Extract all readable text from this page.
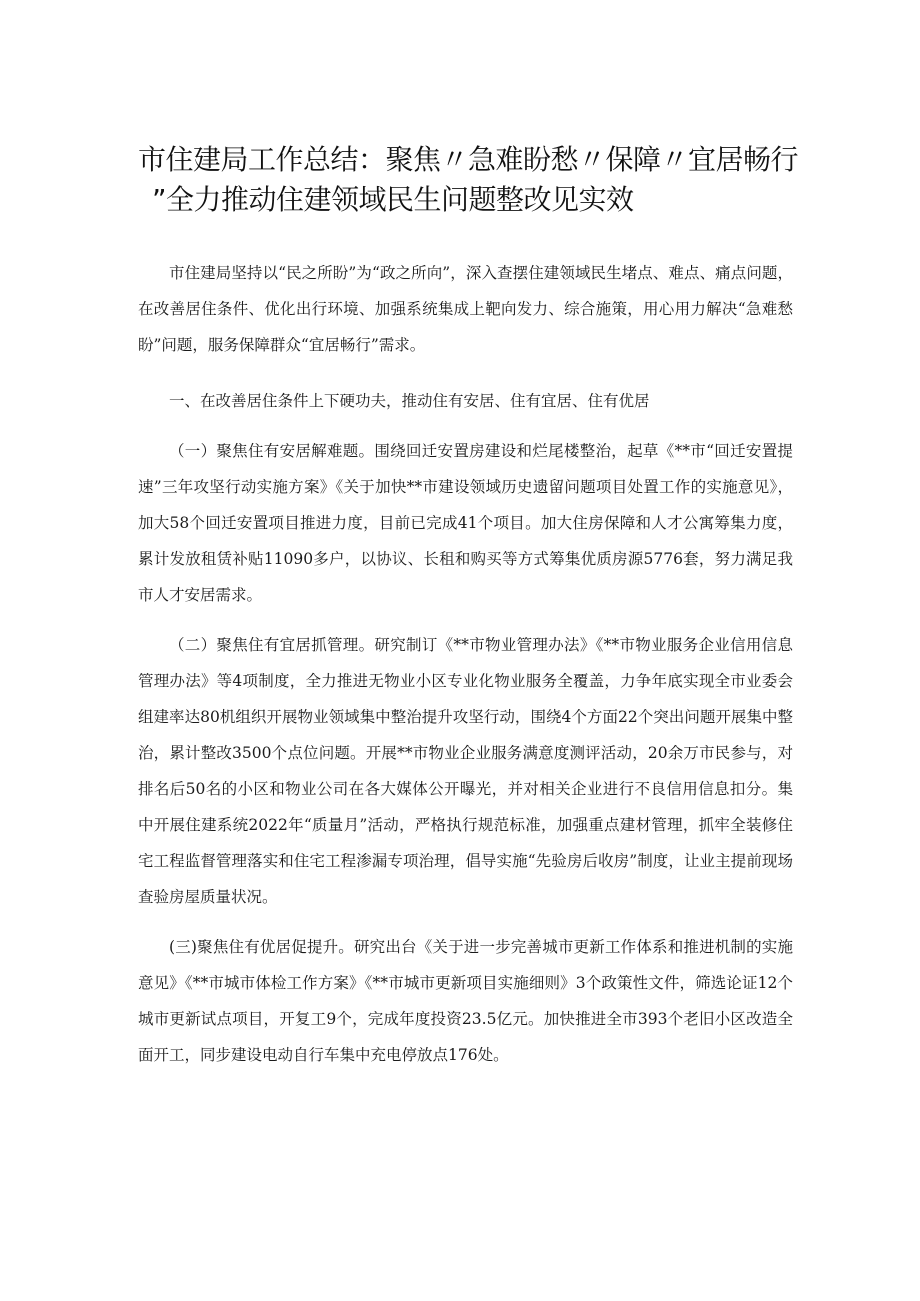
市住建局工作总结：聚焦〃急难盼愁〃保障〃宜居畅行
”全力推动住建领域民生问题整改见实效

市住建局坚持以“民之所盼”为“政之所向”，深入查摆住建领域民生堵点、难点、痛点问题，在改善居住条件、优化出行环境、加强系统集成上靶向发力、综合施策，用心用力解决“急难愁盼”问题，服务保障群众“宜居畅行”需求。

一、在改善居住条件上下硬功夫，推动住有安居、住有宜居、住有优居

（一）聚焦住有安居解难题。围绕回迁安置房建设和烂尾楼整治，起草《**市“回迁安置提速”三年攻坚行动实施方案》《关于加快**市建设领域历史遗留问题项目处置工作的实施意见》，加大58个回迁安置项目推进力度，目前已完成41个项目。加大住房保障和人才公寓筹集力度，累计发放租赁补贴11090多户，以协议、长租和购买等方式筹集优质房源5776套，努力满足我市人才安居需求。

（二）聚焦住有宜居抓管理。研究制订《**市物业管理办法》《**市物业服务企业信用信息管理办法》等4项制度，全力推进无物业小区专业化物业服务全覆盖，力争年底实现全市业委会组建率达80机组织开展物业领域集中整治提升攻坚行动，围绕4个方面22个突出问题开展集中整治，累计整改3500个点位问题。开展**市物业企业服务满意度测评活动，20余万市民参与，对排名后50名的小区和物业公司在各大媒体公开曝光，并对相关企业进行不良信用信息扣分。集中开展住建系统2022年“质量月”活动，严格执行规范标准，加强重点建材管理，抓牢全装修住宅工程监督管理落实和住宅工程渗漏专项治理，倡导实施“先验房后收房”制度，让业主提前现场查验房屋质量状况。

(三)聚焦住有优居促提升。研究出台《关于进一步完善城市更新工作体系和推进机制的实施意见》《**市城市体检工作方案》《**市城市更新项目实施细则》3个政策性文件，筛选论证12个城市更新试点项目，开复工9个，完成年度投资23.5亿元。加快推进全市393个老旧小区改造全面开工，同步建设电动自行车集中充电停放点176处。
